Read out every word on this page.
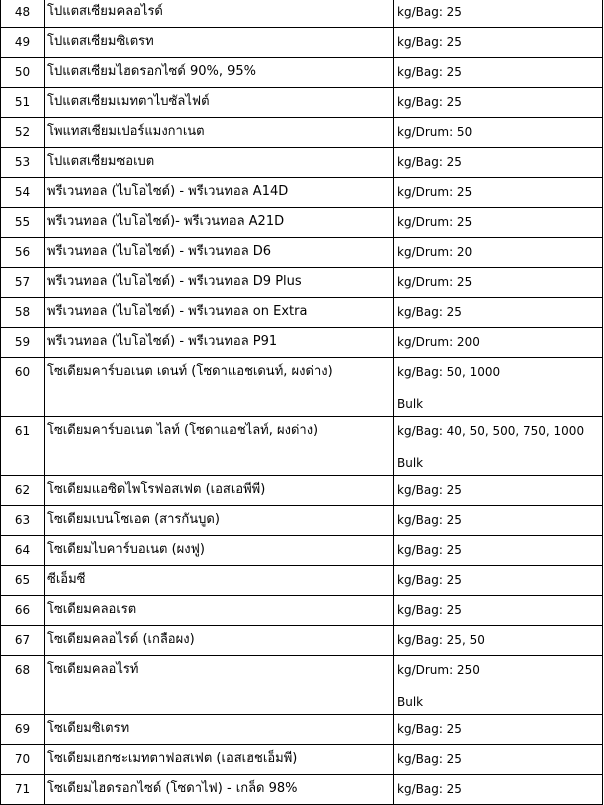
48	โปแตสเซียมคลอไรด์	kg/Bag: 25

49	โปแตสเซียมซิเตรท	kg/Bag: 25

50	โปแตสเซียมไฮดรอกไซด์ 90%, 95%	kg/Bag: 25

51	โปแตสเซียมเมทตาไบซัลไฟต์	kg/Bag: 25

52	โพแทสเซียมเปอร์แมงกาเนต	kg/Drum: 50

53	โปแตสเซียมซอเบต	kg/Bag: 25

54	พรีเวนทอล (ไบโอไซด์) - พรีเวนทอล A14D	kg/Drum: 25

55	พรีเวนทอล (ไบโอไซด์)- พรีเวนทอล A21D	kg/Drum: 25

56	พรีเวนทอล (ไบโอไซด์) - พรีเวนทอล D6	kg/Drum: 20

57	พรีเวนทอล (ไบโอไซด์) - พรีเวนทอล D9 Plus	kg/Drum: 25

58	พรีเวนทอล (ไบโอไซด์) - พรีเวนทอล on Extra	kg/Bag: 25

59	พรีเวนทอล (ไบโอไซด์) - พรีเวนทอล P91	kg/Drum: 200

60	โซเดียมคาร์บอเนต เดนท์ (โซดาแอชเดนท์, ผงด่าง)	kg/Bag: 50, 1000
Bulk

61	โซเดียมคาร์บอเนต ไลท์ (โซดาแอชไลท์, ผงด่าง)	kg/Bag: 40, 50, 500, 750, 1000
Bulk

62	โซเดียมแอซิดไพโรฟอสเฟต (เอสเอพีพี)	kg/Bag: 25

63	โซเดียมเบนโซเอต (สารกันบูด)	kg/Bag: 25

64	โซเดียมไบคาร์บอเนต (ผงฟู)	kg/Bag: 25

65	ซีเอ็มซี	kg/Bag: 25

66	โซเดียมคลอเรต	kg/Bag: 25

67	โซเดียมคลอไรด์ (เกลือผง)	kg/Bag: 25, 50

68	โซเดียมคลอไรท์	kg/Drum: 250
Bulk

69	โซเดียมซิเตรท	kg/Bag: 25

70	โซเดียมเฮกซะเมทตาฟอสเฟต (เอสเฮชเอ็มพี)	kg/Bag: 25

71	โซเดียมไฮดรอกไซด์ (โซดาไฟ) - เกล็ด 98%	kg/Bag: 25
